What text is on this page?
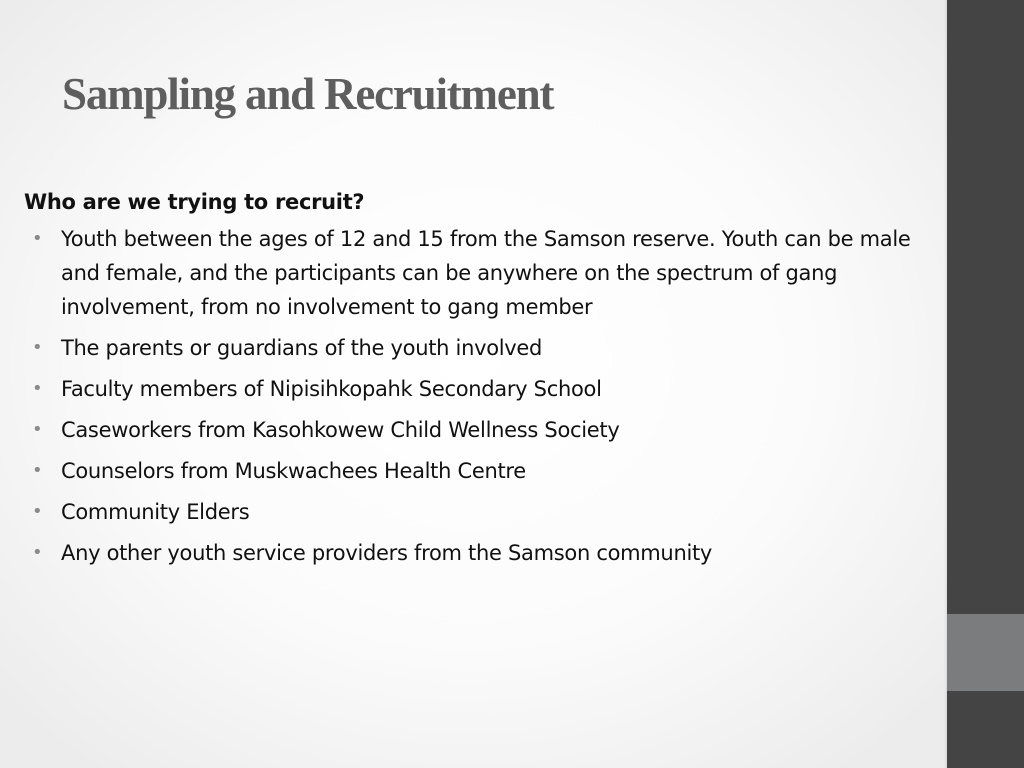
Sampling and Recruitment

Who are we trying to recruit?

• Youth between the ages of 12 and 15 from the Samson reserve. Youth can be male and female, and the participants can be anywhere on the spectrum of gang involvement, from no involvement to gang member
• The parents or guardians of the youth involved
• Faculty members of Nipisihkopahk Secondary School
• Caseworkers from Kasohkowew Child Wellness Society
• Counselors from Muskwachees Health Centre
• Community Elders
• Any other youth service providers from the Samson community
